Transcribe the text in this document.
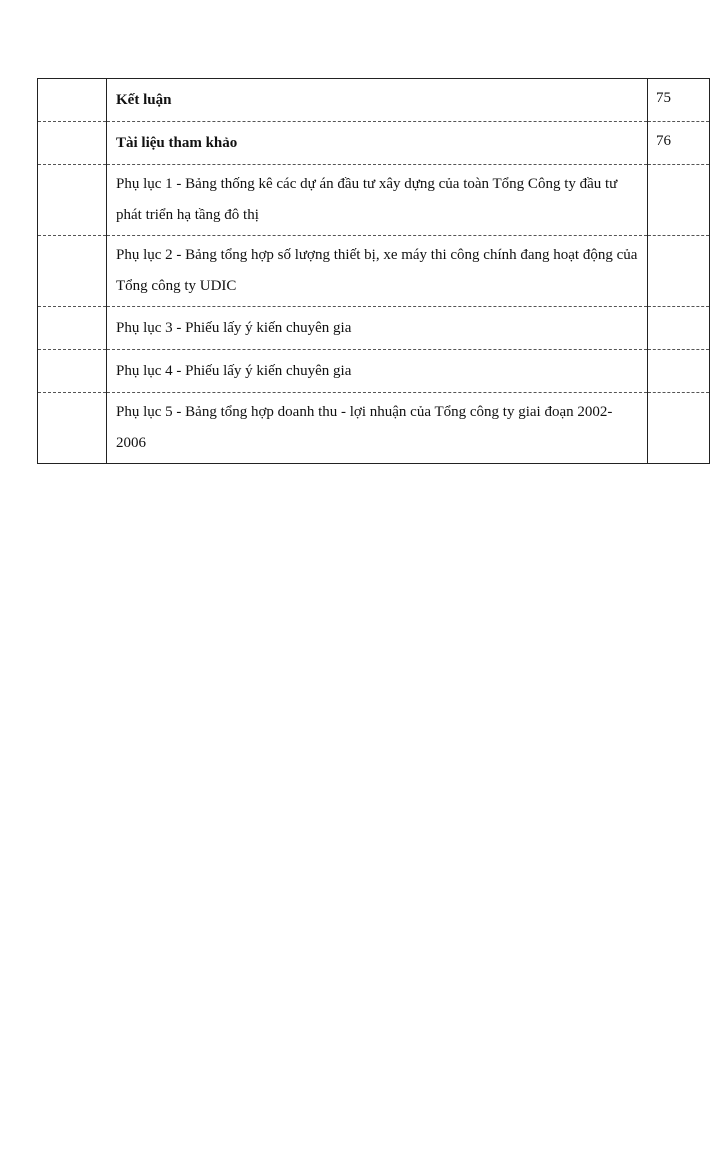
	Kết luận	75
	Tài liệu tham khảo	76
	Phụ lục 1 - Bảng thống kê các dự án đầu tư xây dựng của toàn Tổng Công ty đầu tư phát triển hạ tầng đô thị	
	Phụ lục 2 - Bảng tổng hợp số lượng thiết bị, xe máy thi công chính đang hoạt động của Tổng công ty UDIC	
	Phụ lục 3 - Phiếu lấy ý kiến chuyên gia	
	Phụ lục 4 - Phiếu lấy ý kiến chuyên gia	
	Phụ lục 5 - Bảng tổng hợp doanh thu - lợi nhuận của Tổng công ty giai đoạn 2002- 2006	
